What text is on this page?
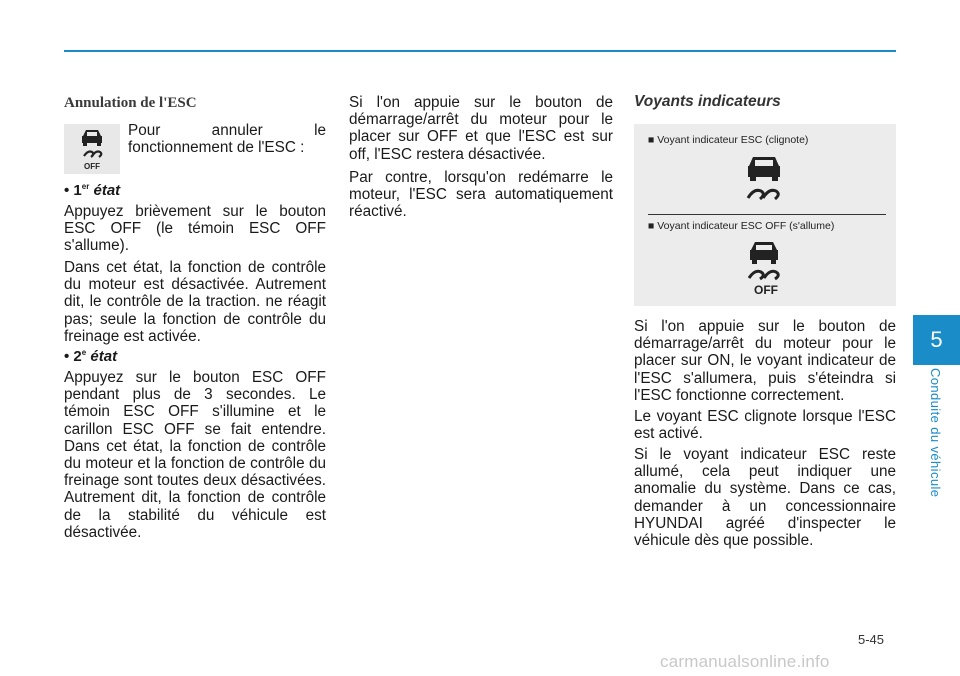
Annulation de l'ESC
OFF

Pour annuler le fonctionnement de l'ESC :

• 1er état

Appuyez brièvement sur le bouton ESC OFF (le témoin ESC OFF s'allume).

Dans cet état, la fonction de contrôle du moteur est désactivée. Autrement dit, le contrôle de la traction. ne réagit pas; seule la fonction de contrôle du freinage est activée.

• 2e état

Appuyez sur le bouton ESC OFF pendant plus de 3 secondes. Le témoin ESC OFF s'illumine et le carillon ESC OFF se fait entendre. Dans cet état, la fonction de contrôle du moteur et la fonction de contrôle du freinage sont toutes deux désactivées. Autrement dit, la fonction de contrôle de la stabilité du véhicule est désactivée.

Si l'on appuie sur le bouton de démarrage/arrêt du moteur pour le placer sur OFF et que l'ESC est sur off, l'ESC restera désactivée.

Par contre, lorsqu'on redémarre le moteur, l'ESC sera automatiquement réactivé.

Voyants indicateurs
■ Voyant indicateur ESC (clignote)
■ Voyant indicateur ESC OFF (s'allume)
OFF

Si l'on appuie sur le bouton de démarrage/arrêt du moteur pour le placer sur ON, le voyant indicateur de l'ESC s'allumera, puis s'éteindra si l'ESC fonctionne correctement.

Le voyant ESC clignote lorsque l'ESC est activé.

Si le voyant indicateur ESC reste allumé, cela peut indiquer une anomalie du système. Dans ce cas, demander à un concessionnaire HYUNDAI agréé d'inspecter le véhicule dès que possible.

5
Conduite du véhicule
5-45
carmanualsonline.info
